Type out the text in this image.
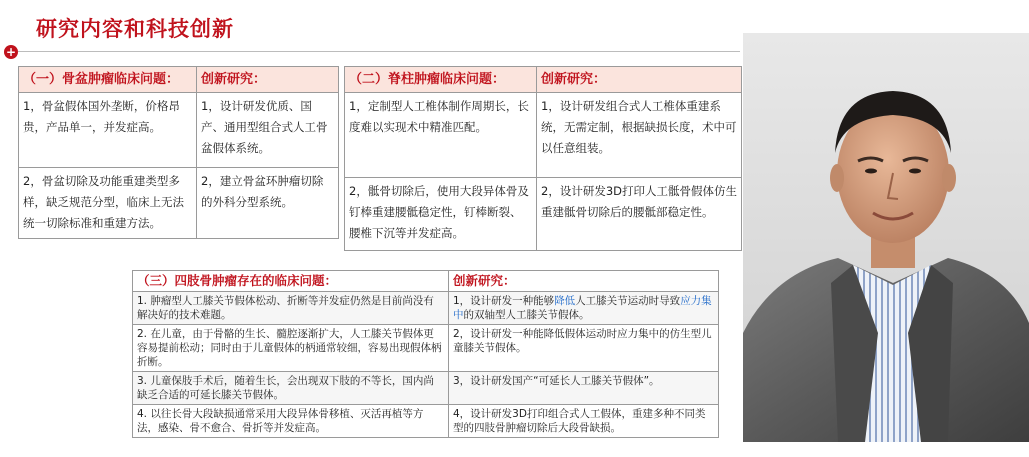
研究内容和科技创新
+
（一）骨盆肿瘤临床问题：	创新研究：
1，骨盆假体国外垄断，价格昂贵，产品单一，并发症高。	1，设计研发优质、国产、通用型组合式人工骨盆假体系统。
2，骨盆切除及功能重建类型多样，缺乏规范分型，临床上无法统一切除标准和重建方法。	2，建立骨盆环肿瘤切除的外科分型系统。
（二）脊柱肿瘤临床问题：	创新研究：
1，定制型人工椎体制作周期长，长度难以实现术中精准匹配。	1，设计研发组合式人工椎体重建系统，无需定制，根据缺损长度，术中可以任意组装。
2，骶骨切除后，使用大段异体骨及钉棒重建腰骶稳定性，钉棒断裂、腰椎下沉等并发症高。	2，设计研发3D打印人工骶骨假体仿生重建骶骨切除后的腰骶部稳定性。
（三）四肢骨肿瘤存在的临床问题：	创新研究：
1. 肿瘤型人工膝关节假体松动、折断等并发症仍然是目前尚没有解决好的技术难题。	1，设计研发一种能够降低人工膝关节运动时导致应力集中的双轴型人工膝关节假体。
2. 在儿童，由于骨骼的生长、髓腔逐渐扩大，人工膝关节假体更容易提前松动；同时由于儿童假体的柄通常较细，容易出现假体柄折断。	2，设计研发一种能降低假体运动时应力集中的仿生型儿童膝关节假体。
3. 儿童保肢手术后，随着生长，会出现双下肢的不等长，国内尚缺乏合适的可延长膝关节假体。	3，设计研发国产“可延长人工膝关节假体”。
4. 以往长骨大段缺损通常采用大段异体骨移植、灭活再植等方法，感染、骨不愈合、骨折等并发症高。	4，设计研发3D打印组合式人工假体，重建多种不同类型的四肢骨肿瘤切除后大段骨缺损。
